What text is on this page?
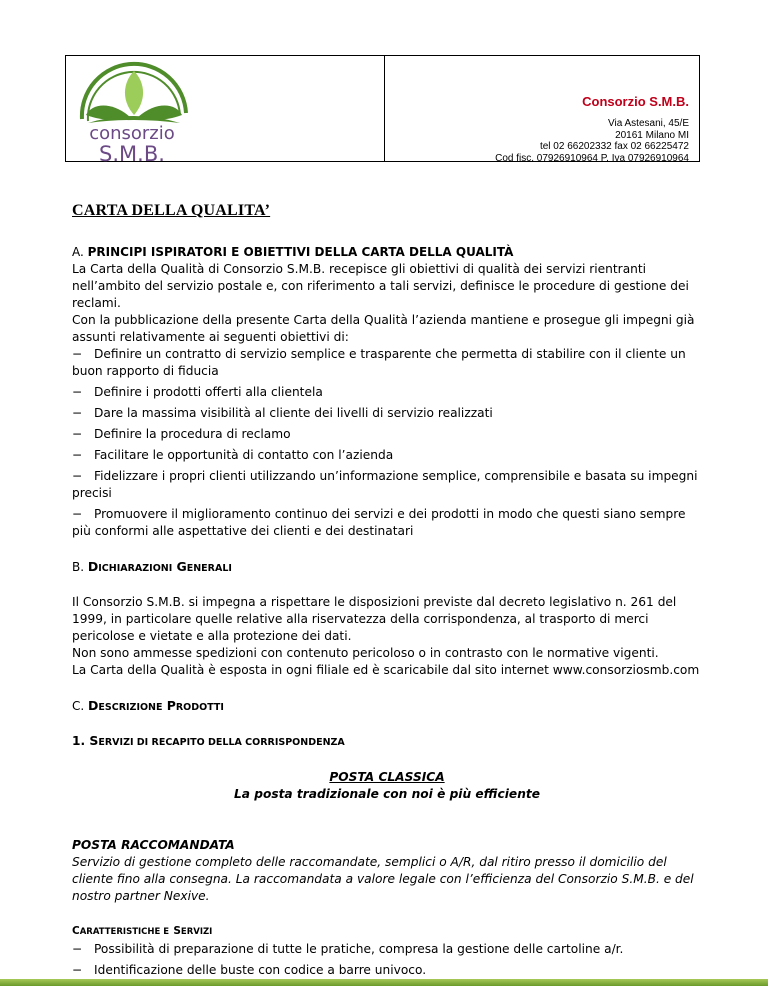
consorzio
S.M.B.
Consorzio S.M.B.
Via Astesani, 45/E
20161 Milano MI
tel 02 66202332 fax 02 66225472
Cod fisc. 07926910964 P. Iva 07926910964
CARTA DELLA QUALITA’

A. PRINCIPI ISPIRATORI E OBIETTIVI DELLA CARTA DELLA QUALITÀ

La Carta della Qualità di Consorzio S.M.B. recepisce gli obiettivi di qualità dei servizi rientranti nell’ambito del servizio postale e, con riferimento a tali servizi, definisce le procedure di gestione dei reclami.

Con la pubblicazione della presente Carta della Qualità l’azienda mantiene e prosegue gli impegni già assunti relativamente ai seguenti obiettivi di:

− Definire un contratto di servizio semplice e trasparente che permetta di stabilire con il cliente un buon rapporto di fiducia
− Definire i prodotti offerti alla clientela
− Dare la massima visibilità al cliente dei livelli di servizio realizzati
− Definire la procedura di reclamo
− Facilitare le opportunità di contatto con l’azienda
− Fidelizzare i propri clienti utilizzando un’informazione semplice, comprensibile e basata su impegni precisi
− Promuovere il miglioramento continuo dei servizi e dei prodotti in modo che questi siano sempre più conformi alle aspettative dei clienti e dei destinatari

B. DICHIARAZIONI GENERALI

Il Consorzio S.M.B. si impegna a rispettare le disposizioni previste dal decreto legislativo n. 261 del 1999, in particolare quelle relative alla riservatezza della corrispondenza, al trasporto di merci pericolose e vietate e alla protezione dei dati.

Non sono ammesse spedizioni con contenuto pericoloso o in contrasto con le normative vigenti.

La Carta della Qualità è esposta in ogni filiale ed è scaricabile dal sito internet www.consorziosmb.com

C. DESCRIZIONE PRODOTTI

1. SERVIZI DI RECAPITO DELLA CORRISPONDENZA

POSTA CLASSICA

La posta tradizionale con noi è più efficiente

POSTA RACCOMANDATA

Servizio di gestione completo delle raccomandate, semplici o A/R, dal ritiro presso il domicilio del cliente fino alla consegna. La raccomandata a valore legale con l’efficienza del Consorzio S.M.B. e del nostro partner Nexive.

CARATTERISTICHE E SERVIZI

− Possibilità di preparazione di tutte le pratiche, compresa la gestione delle cartoline a/r.
− Identificazione delle buste con codice a barre univoco.
